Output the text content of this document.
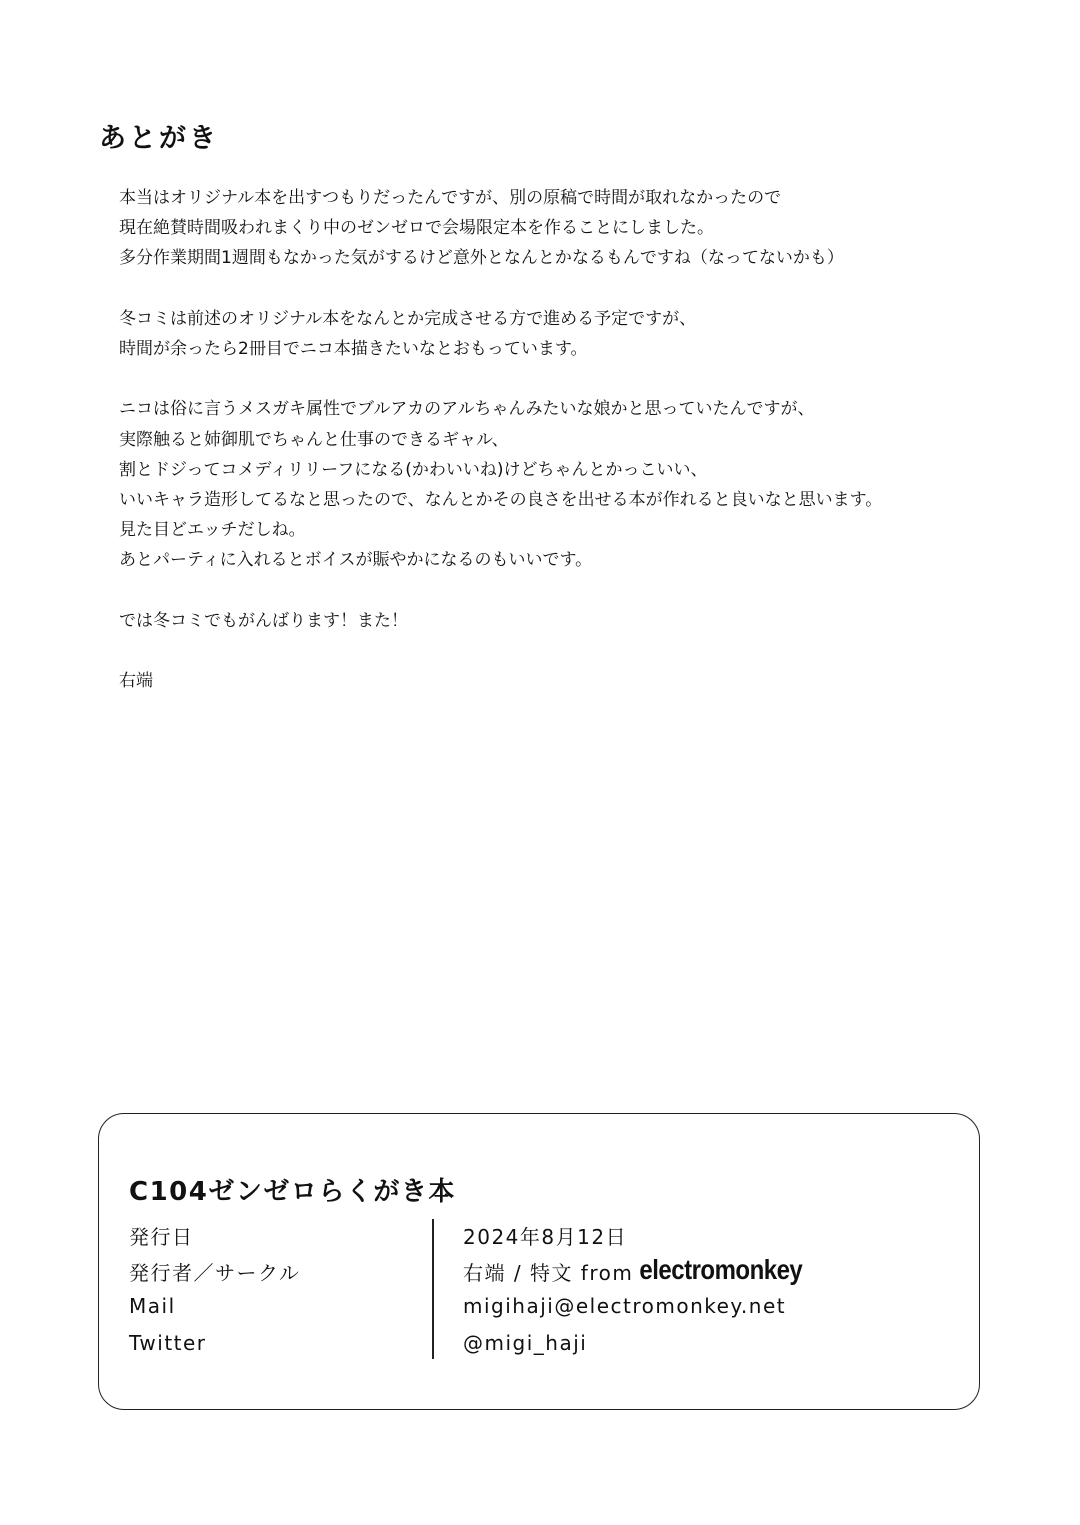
あとがき

本当はオリジナル本を出すつもりだったんですが、別の原稿で時間が取れなかったので

現在絶賛時間吸われまくり中のゼンゼロで会場限定本を作ることにしました。

多分作業期間1週間もなかった気がするけど意外となんとかなるもんですね（なってないかも）

冬コミは前述のオリジナル本をなんとか完成させる方で進める予定ですが、

時間が余ったら2冊目でニコ本描きたいなとおもっています。

ニコは俗に言うメスガキ属性でブルアカのアルちゃんみたいな娘かと思っていたんですが、

実際触ると姉御肌でちゃんと仕事のできるギャル、

割とドジってコメディリリーフになる(かわいいね)けどちゃんとかっこいい、

いいキャラ造形してるなと思ったので、なんとかその良さを出せる本が作れると良いなと思います。

見た目どエッチだしね。

あとパーティに入れるとボイスが賑やかになるのもいいです。

では冬コミでもがんばります！また！

右端

C104ゼンゼロらくがき本
発行日	2024年8月12日
発行者／サークル	右端 / 特文 from electromonkey
Mail	migihaji@electromonkey.net
Twitter	@migi_haji
